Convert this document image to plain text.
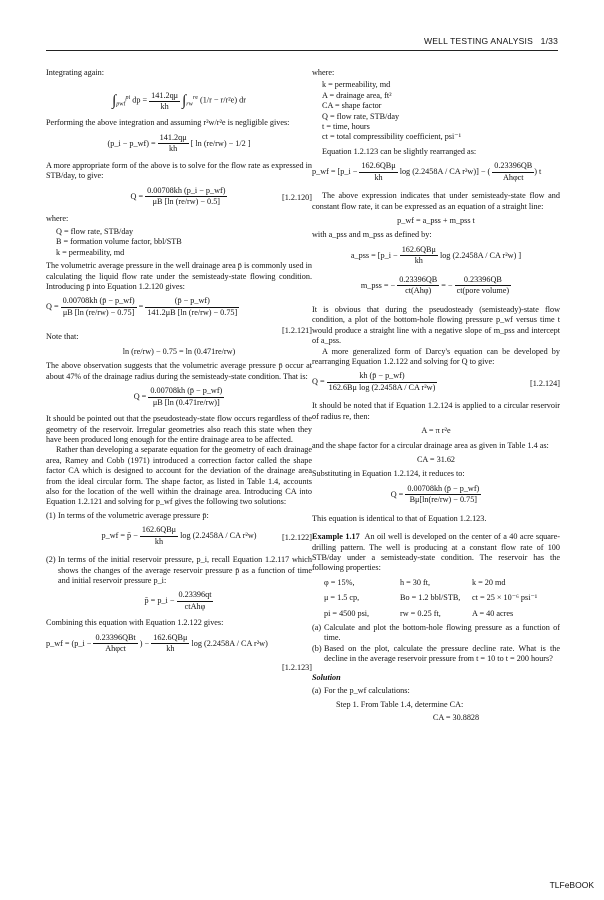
WELL TESTING ANALYSIS 1/33

Integrating again:

$\int_{pwf}^{pi}$ dp = $\frac{141.2q\mu}{kh} \int_{rw}^{re}$ (1/r − r/r²e) dr

Performing the above integration and assuming r²w/r²e is negligible gives:

(p_i − p_wf) = $\frac{141.2q\mu}{kh}$ [ ln (re/rw) − 1/2 ]

A more appropriate form of the above is to solve for the flow rate as expressed in STB/day, to give:

$Q = \frac{0.00708kh (p\_i - p\_wf)}{\mu B [\ln (re/rw) - 0.5]}$	[1.2.120]

where:

Q = flow rate, STB/day
B = formation volume factor, bbl/STB
k = permeability, md

The volumetric average pressure in the well drainage area p̄ is commonly used in calculating the liquid flow rate under the semisteady-state flowing condition. Introducing p̄ into Equation 1.2.120 gives:

$Q = \frac{0.00708kh (p̄ - p\_wf)}{\mu B [\ln (re/rw) - 0.75]} = \frac{(p̄ - p\_wf)}{141.2\mu B [\ln (re/rw) - 0.75]}$
[1.2.121]

Note that:

ln (re/rw) − 0.75 = ln (0.471re/rw)

The above observation suggests that the volumetric average pressure p̄ occur at about 47% of the drainage radius during the semisteady-state condition. That is:

$Q = \frac{0.00708kh (p̄ - p\_wf)}{\mu B [\ln (0.471re/rw)]}$

It should be pointed out that the pseudosteady-state flow occurs regardless of the geometry of the reservoir. Irregular geometries also reach this state when they have been produced long enough for the entire drainage area to be affected.

Rather than developing a separate equation for the geometry of each drainage area, Ramey and Cobb (1971) introduced a correction factor called the shape factor CA which is designed to account for the deviation of the drainage area from the ideal circular form. The shape factor, as listed in Table 1.4, accounts also for the location of the well within the drainage area. Introducing CA into Equation 1.2.121 and solving for p_wf gives the following two solutions:

(1) In terms of the volumetric average pressure p̄:
p_wf = p̄ − $\frac{\text{162.6QBμ}}{kh}$ log (2.2458A / CA r²w)	[1.2.122]
(2) In terms of the initial reservoir pressure, p_i, recall Equation 1.2.117 which shows the changes of the average reservoir pressure p̄ as a function of time and initial reservoir pressure p_i:
p̄ = p_i − $\frac{0.23396qt}{\text{ctAhφ}}$

Combining this equation with Equation 1.2.122 gives:

p_wf = (p_i − $\frac{\text{0.23396QBt}}{\text{Ahφct}}$ ) − $\frac{\text{162.6QBμ}}{kh}$ log (2.2458A / CA r²w)
[1.2.123]

where:

k = permeability, md
A = drainage area, ft²
CA = shape factor
Q = flow rate, STB/day
t = time, hours
ct = total compressibility coefficient, psi⁻¹

Equation 1.2.123 can be slightly rearranged as:

p_wf = [p_i − $\frac{\text{162.6QBμ}}{kh}$ log (2.2458A / CA r²w)] − ( $\frac{0.23396QB}{\text{Ahφct}}$ ) t

The above expression indicates that under semisteady-state flow and constant flow rate, it can be expressed as an equation of a straight line:

p_wf = a_pss + m_pss t

with a_pss and m_pss as defined by:

a_pss = [p_i − $\frac{\text{162.6QBμ}}{kh}$ log (2.2458A / CA r²w) ]
m_pss = − $\frac{0.23396QB}{\text{ct(Ahφ)}}$ = − $\frac{0.23396QB}{\text{ct(pore volume)}}$

It is obvious that during the pseudosteady (semisteady)-state flow condition, a plot of the bottom-hole flowing pressure p_wf versus time t would produce a straight line with a negative slope of m_pss and intercept of a_pss.

A more generalized form of Darcy's equation can be developed by rearranging Equation 1.2.122 and solving for Q to give:

$Q = \frac{kh (p̄ - p\_wf)}{\text{162.6Bμ log (2.2458A / CA r²w)}}$	[1.2.124]

It should be noted that if Equation 1.2.124 is applied to a circular reservoir of radius re, then:

A = π r²e

and the shape factor for a circular drainage area as given in Table 1.4 as:

CA = 31.62

Substituting in Equation 1.2.124, it reduces to:

$Q = \frac{0.00708kh (p̄ - p\_wf)}{B\mu[\ln(re/rw) - 0.75]}$

This equation is identical to that of Equation 1.2.123.

Example 1.17 An oil well is developed on the center of a 40 acre square-drilling pattern. The well is producing at a constant flow rate of 100 STB/day under a semisteady-state condition. The reservoir has the following properties:

φ = 15%,	h = 30 ft,	k = 20 md
μ = 1.5 cp,	Bo = 1.2 bbl/STB,	ct = 25 × 10⁻⁶ psi⁻¹
pi = 4500 psi,	rw = 0.25 ft,	A = 40 acres
(a) Calculate and plot the bottom-hole flowing pressure as a function of time.
(b) Based on the plot, calculate the pressure decline rate. What is the decline in the average reservoir pressure from t = 10 to t = 200 hours?

Solution

(a) For the p_wf calculations:
Step 1. From Table 1.4, determine CA:
CA = 30.8828
TLFeBOOK
